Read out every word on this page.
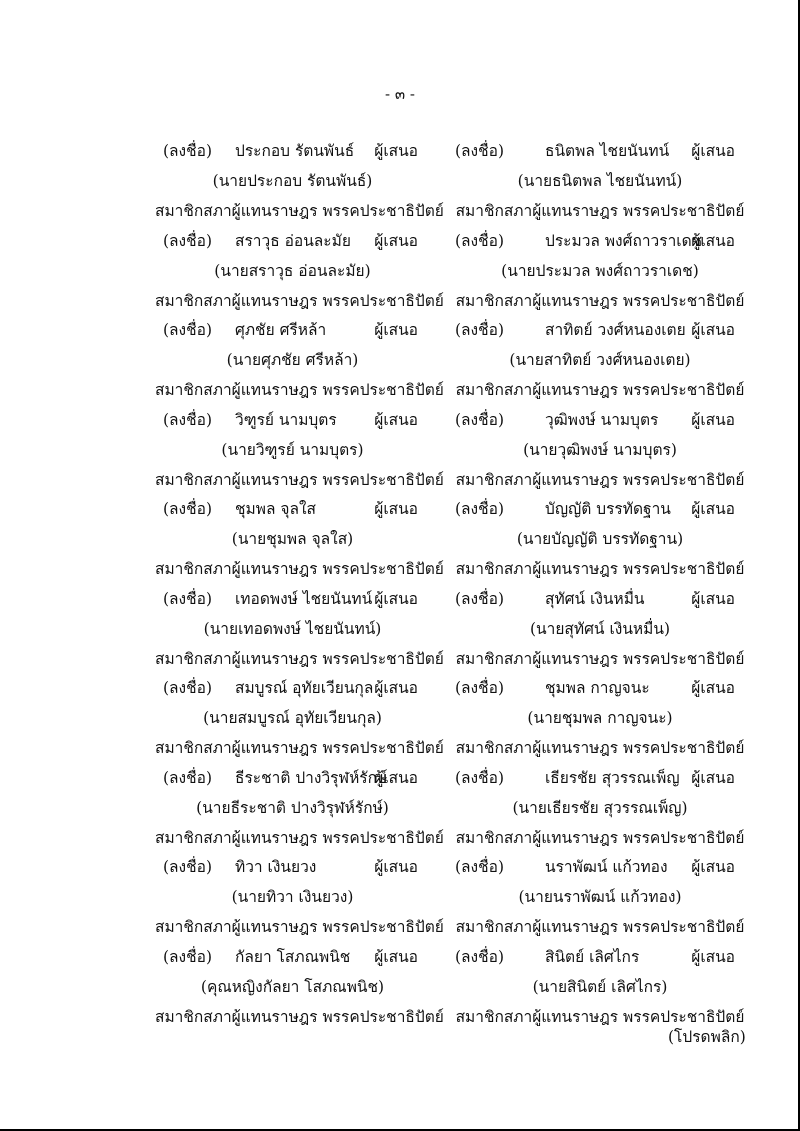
- ๓ -
(ลงชื่อ) ประกอบ รัตนพันธ์ ผู้เสนอ
(นายประกอบ รัตนพันธ์)
สมาชิกสภาผู้แทนราษฎร พรรคประชาธิปัตย์
(ลงชื่อ) สราวุธ อ่อนละมัย ผู้เสนอ
(นายสราวุธ อ่อนละมัย)
สมาชิกสภาผู้แทนราษฎร พรรคประชาธิปัตย์
(ลงชื่อ) ศุภชัย ศรีหล้า	ผู้เสนอ
(นายศุภชัย ศรีหล้า)
สมาชิกสภาผู้แทนราษฎร พรรคประชาธิปัตย์
(ลงชื่อ) วิฑูรย์ นามบุตร ผู้เสนอ
(นายวิฑูรย์ นามบุตร)
สมาชิกสภาผู้แทนราษฎร พรรคประชาธิปัตย์
(ลงชื่อ) ชุมพล จุลใส	ผู้เสนอ
(นายชุมพล จุลใส)
สมาชิกสภาผู้แทนราษฎร พรรคประชาธิปัตย์
(ลงชื่อ) เทอดพงษ์ ไชยนันทน์ ผู้เสนอ
(นายเทอดพงษ์ ไชยนันทน์)
สมาชิกสภาผู้แทนราษฎร พรรคประชาธิปัตย์
(ลงชื่อ) สมบูรณ์ อุทัยเวียนกุล ผู้เสนอ
(นายสมบูรณ์ อุทัยเวียนกุล)
สมาชิกสภาผู้แทนราษฎร พรรคประชาธิปัตย์
(ลงชื่อ) ธีระชาติ ปางวิรุฬห์รักษ์
ผู้เสนอ
(นายธีระชาติ ปางวิรุฬห์รักษ์)
สมาชิกสภาผู้แทนราษฎร พรรคประชาธิปัตย์
(ลงชื่อ) ทิวา เงินยวง	ผู้เสนอ
(นายทิวา เงินยวง)
สมาชิกสภาผู้แทนราษฎร พรรคประชาธิปัตย์
(ลงชื่อ) กัลยา โสภณพนิช ผู้เสนอ
(คุณหญิงกัลยา โสภณพนิช)
สมาชิกสภาผู้แทนราษฎร พรรคประชาธิปัตย์
(ลงชื่อ)	ธนิตพล ไชยนันทน์ ผู้เสนอ
(นายธนิตพล ไชยนันทน์)
สมาชิกสภาผู้แทนราษฎร พรรคประชาธิปัตย์
(ลงชื่อ)	ประมวล พงศ์ถาวราเดช
ผู้เสนอ
(นายประมวล พงศ์ถาวราเดช)
สมาชิกสภาผู้แทนราษฎร พรรคประชาธิปัตย์
(ลงชื่อ)	สาทิตย์ วงศ์หนองเตย ผู้เสนอ
(นายสาทิตย์ วงศ์หนองเตย)
สมาชิกสภาผู้แทนราษฎร พรรคประชาธิปัตย์
(ลงชื่อ)	วุฒิพงษ์ นามบุตร ผู้เสนอ
(นายวุฒิพงษ์ นามบุตร)
สมาชิกสภาผู้แทนราษฎร พรรคประชาธิปัตย์
(ลงชื่อ)	บัญญัติ บรรทัดฐาน ผู้เสนอ
(นายบัญญัติ บรรทัดฐาน)
สมาชิกสภาผู้แทนราษฎร พรรคประชาธิปัตย์
(ลงชื่อ)	สุทัศน์ เงินหมื่น	ผู้เสนอ
(นายสุทัศน์ เงินหมื่น)
สมาชิกสภาผู้แทนราษฎร พรรคประชาธิปัตย์
(ลงชื่อ)	ชุมพล กาญจนะ	ผู้เสนอ
(นายชุมพล กาญจนะ)
สมาชิกสภาผู้แทนราษฎร พรรคประชาธิปัตย์
(ลงชื่อ)	เธียรชัย สุวรรณเพ็ญ ผู้เสนอ
(นายเธียรชัย สุวรรณเพ็ญ)
สมาชิกสภาผู้แทนราษฎร พรรคประชาธิปัตย์
(ลงชื่อ)	นราพัฒน์ แก้วทอง ผู้เสนอ
(นายนราพัฒน์ แก้วทอง)
สมาชิกสภาผู้แทนราษฎร พรรคประชาธิปัตย์
(ลงชื่อ)	สินิตย์ เลิศไกร	ผู้เสนอ
(นายสินิตย์ เลิศไกร)
สมาชิกสภาผู้แทนราษฎร พรรคประชาธิปัตย์
(โปรดพลิก)
